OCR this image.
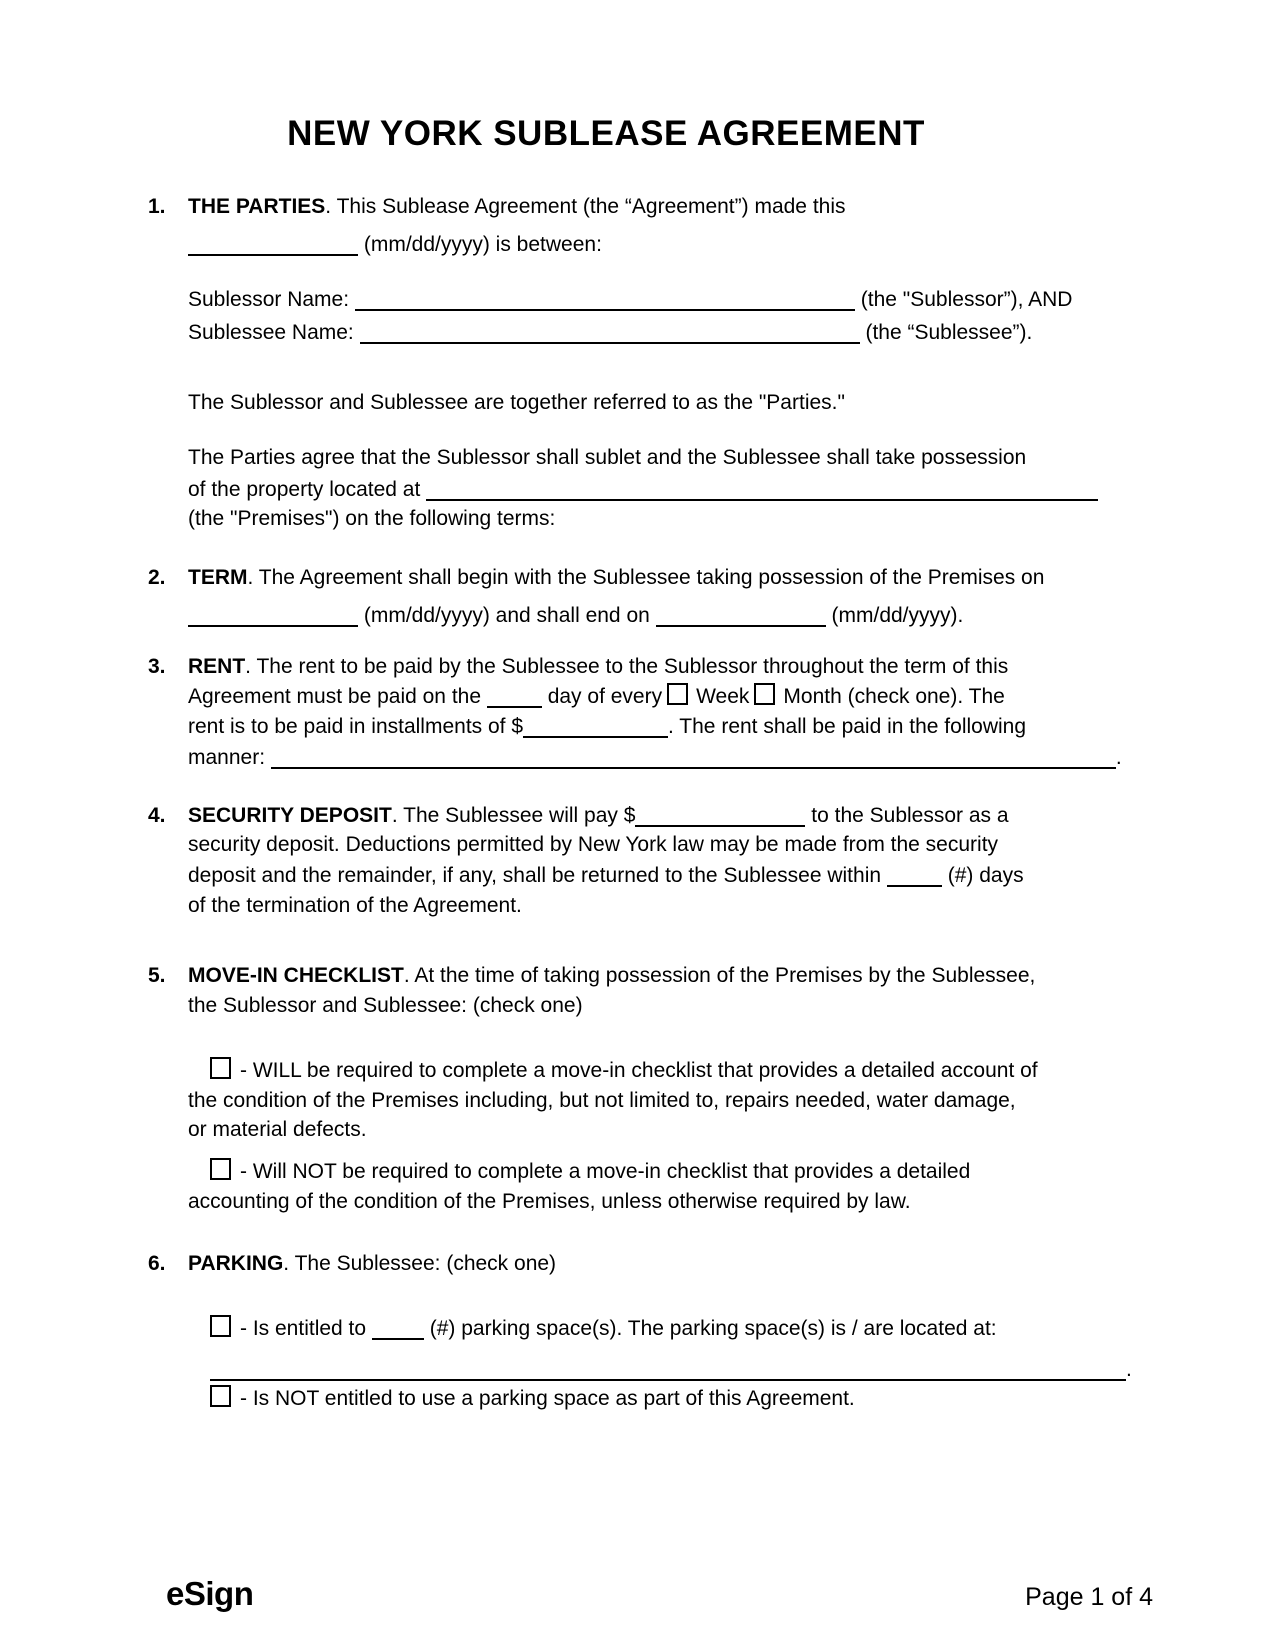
NEW YORK SUBLEASE AGREEMENT
1. THE PARTIES. This Sublease Agreement (the “Agreement”) made this
(mm/dd/yyyy) is between:
Sublessor Name:	(the "Sublessor”), AND
Sublessee Name:	(the “Sublessee”).
The Sublessor and Sublessee are together referred to as the "Parties."
The Parties agree that the Sublessor shall sublet and the Sublessee shall take possession
of the property located at
(the "Premises") on the following terms:
2. TERM. The Agreement shall begin with the Sublessee taking possession of the Premises on
(mm/dd/yyyy) and shall end on	(mm/dd/yyyy).
3. RENT. The rent to be paid by the Sublessee to the Sublessor throughout the term of this
Agreement must be paid on the	day of every Week Month (check one). The
rent is to be paid in installments of $	. The rent shall be paid in the following
manner:	.
4. SECURITY DEPOSIT. The Sublessee will pay $	to the Sublessor as a
security deposit. Deductions permitted by New York law may be made from the security
deposit and the remainder, if any, shall be returned to the Sublessee within	(#) days
of the termination of the Agreement.
5. MOVE-IN CHECKLIST. At the time of taking possession of the Premises by the Sublessee,
the Sublessor and Sublessee: (check one)
- WILL be required to complete a move-in checklist that provides a detailed account of
the condition of the Premises including, but not limited to, repairs needed, water damage,
or material defects.
- Will NOT be required to complete a move-in checklist that provides a detailed
accounting of the condition of the Premises, unless otherwise required by law.
6. PARKING. The Sublessee: (check one)
- Is entitled to	(#) parking space(s). The parking space(s) is / are located at:
.
- Is NOT entitled to use a parking space as part of this Agreement.
eSign	Page 1 of 4
